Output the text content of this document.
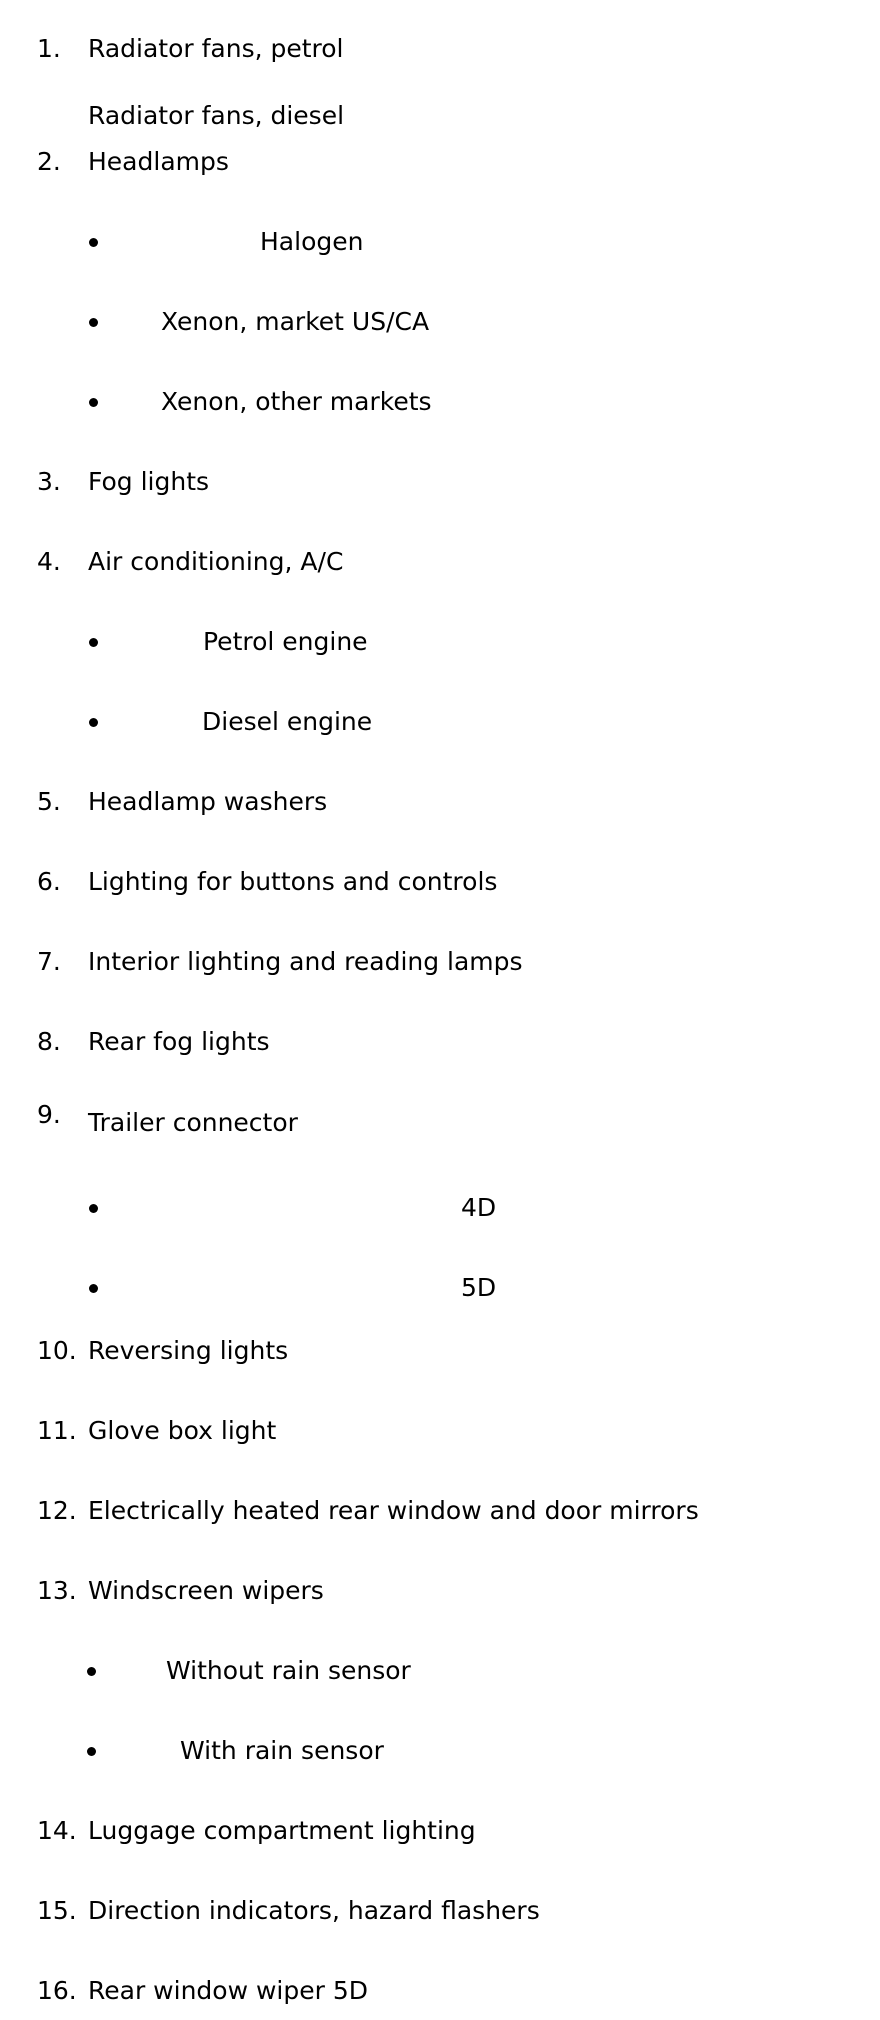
1. Radiator fans, petrol
Radiator fans, diesel
2. Headlamps
Halogen
Xenon, market US/CA
Xenon, other markets
3. Fog lights
4. Air conditioning, A/C
Petrol engine
Diesel engine
5. Headlamp washers
6. Lighting for buttons and controls
7. Interior lighting and reading lamps
8. Rear fog lights
9. Trailer connector
4D
5D
10. Reversing lights
11. Glove box light
12. Electrically heated rear window and door mirrors
13. Windscreen wipers
Without rain sensor
With rain sensor
14. Luggage compartment lighting
15. Direction indicators, hazard flashers
16. Rear window wiper 5D
